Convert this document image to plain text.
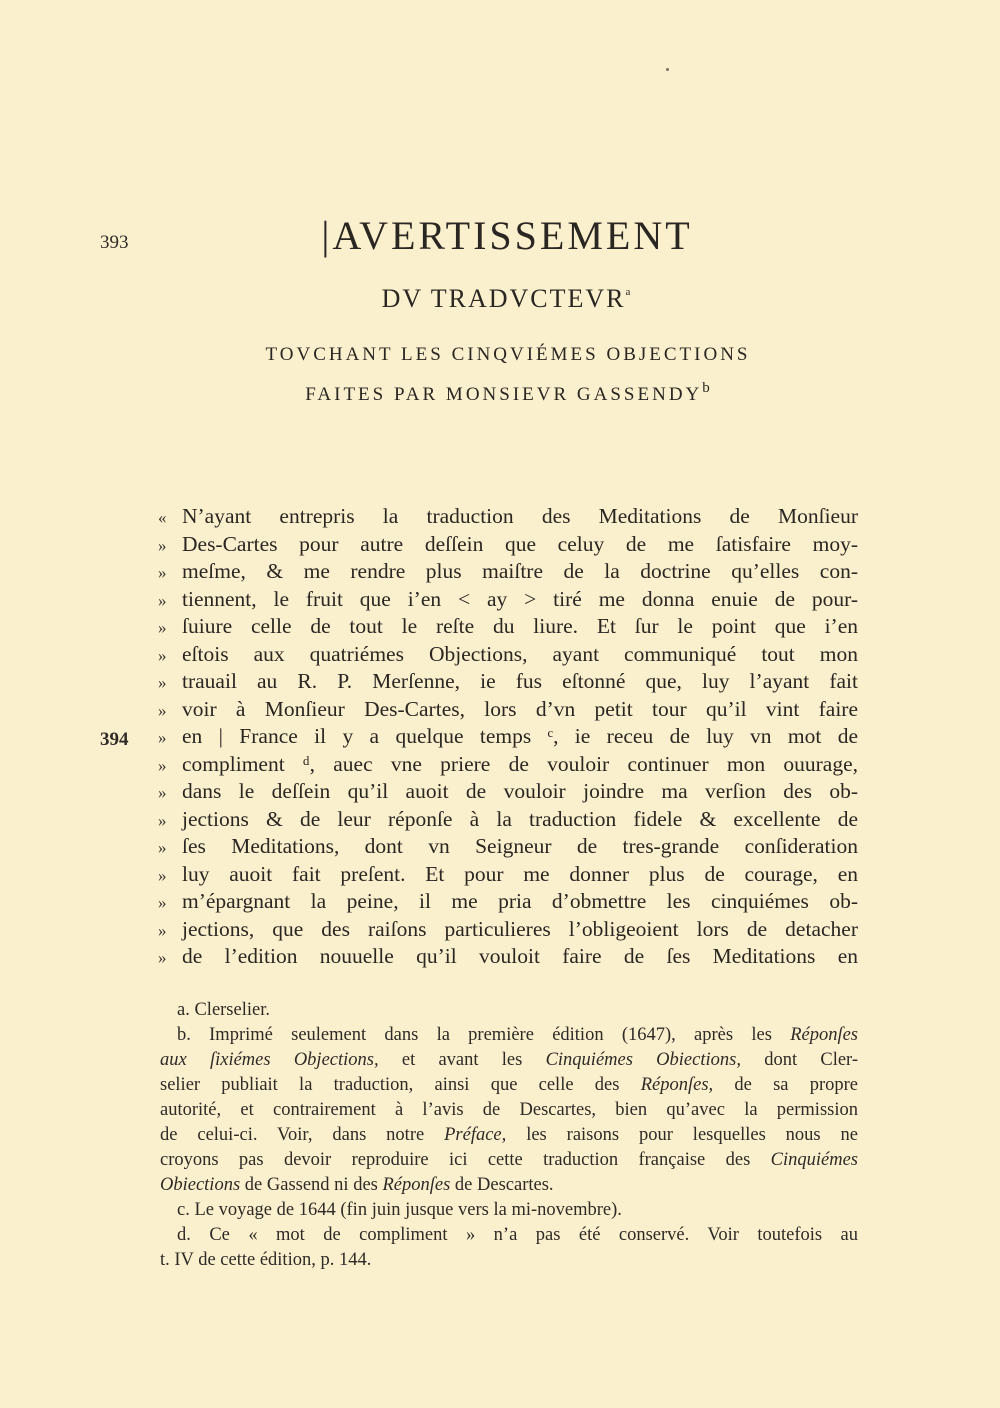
393
394
|AVERTISSEMENT
DV TRADVCTEVR$^a$
TOVCHANT LES CINQVIÉMES OBJECTIONS
FAITES PAR MONSIEVR GASSENDY$^b$
« N’ayant entrepris la traduction des Meditations de Monſieur
» Des-Cartes pour autre deſſein que celuy de me ſatisfaire moy-
» meſme, & me rendre plus maiſtre de la doctrine qu’elles con-
» tiennent, le fruit que i’en < ay > tiré me donna enuie de pour-
» ſuiure celle de tout le reſte du liure. Et ſur le point que i’en
» eſtois aux quatriémes Objections, ayant communiqué tout mon
» trauail au R. P. Merſenne, ie fus eſtonné que, luy l’ayant fait
» voir à Monſieur Des-Cartes, lors d’vn petit tour qu’il vint faire
» en | France il y a quelque temps ᶜ, ie receu de luy vn mot de
» compliment ᵈ, auec vne priere de vouloir continuer mon ouurage,
» dans le deſſein qu’il auoit de vouloir joindre ma verſion des ob-
» jections & de leur réponſe à la traduction fidele & excellente de
» ſes Meditations, dont vn Seigneur de tres-grande conſideration
» luy auoit fait preſent. Et pour me donner plus de courage, en
» m’épargnant la peine, il me pria d’obmettre les cinquiémes ob-
» jections, que des raiſons particulieres l’obligeoient lors de detacher
» de l’edition nouuelle qu’il vouloit faire de ſes Meditations en

a. Clerselier.

b. Imprimé seulement dans la première édition (1647), après les Réponſes
aux ſixiémes Objections, et avant les Cinquiémes Obiections, dont Cler-
selier publiait la traduction, ainsi que celle des Réponſes, de sa propre
autorité, et contrairement à l’avis de Descartes, bien qu’avec la permission
de celui-ci. Voir, dans notre Préface, les raisons pour lesquelles nous ne
croyons pas devoir reproduire ici cette traduction française des Cinquiémes
Obiections de Gassend ni des Réponſes de Descartes.

c. Le voyage de 1644 (fin juin jusque vers la mi-novembre).

d. Ce « mot de compliment » n’a pas été conservé. Voir toutefois au
t. IV de cette édition, p. 144.
